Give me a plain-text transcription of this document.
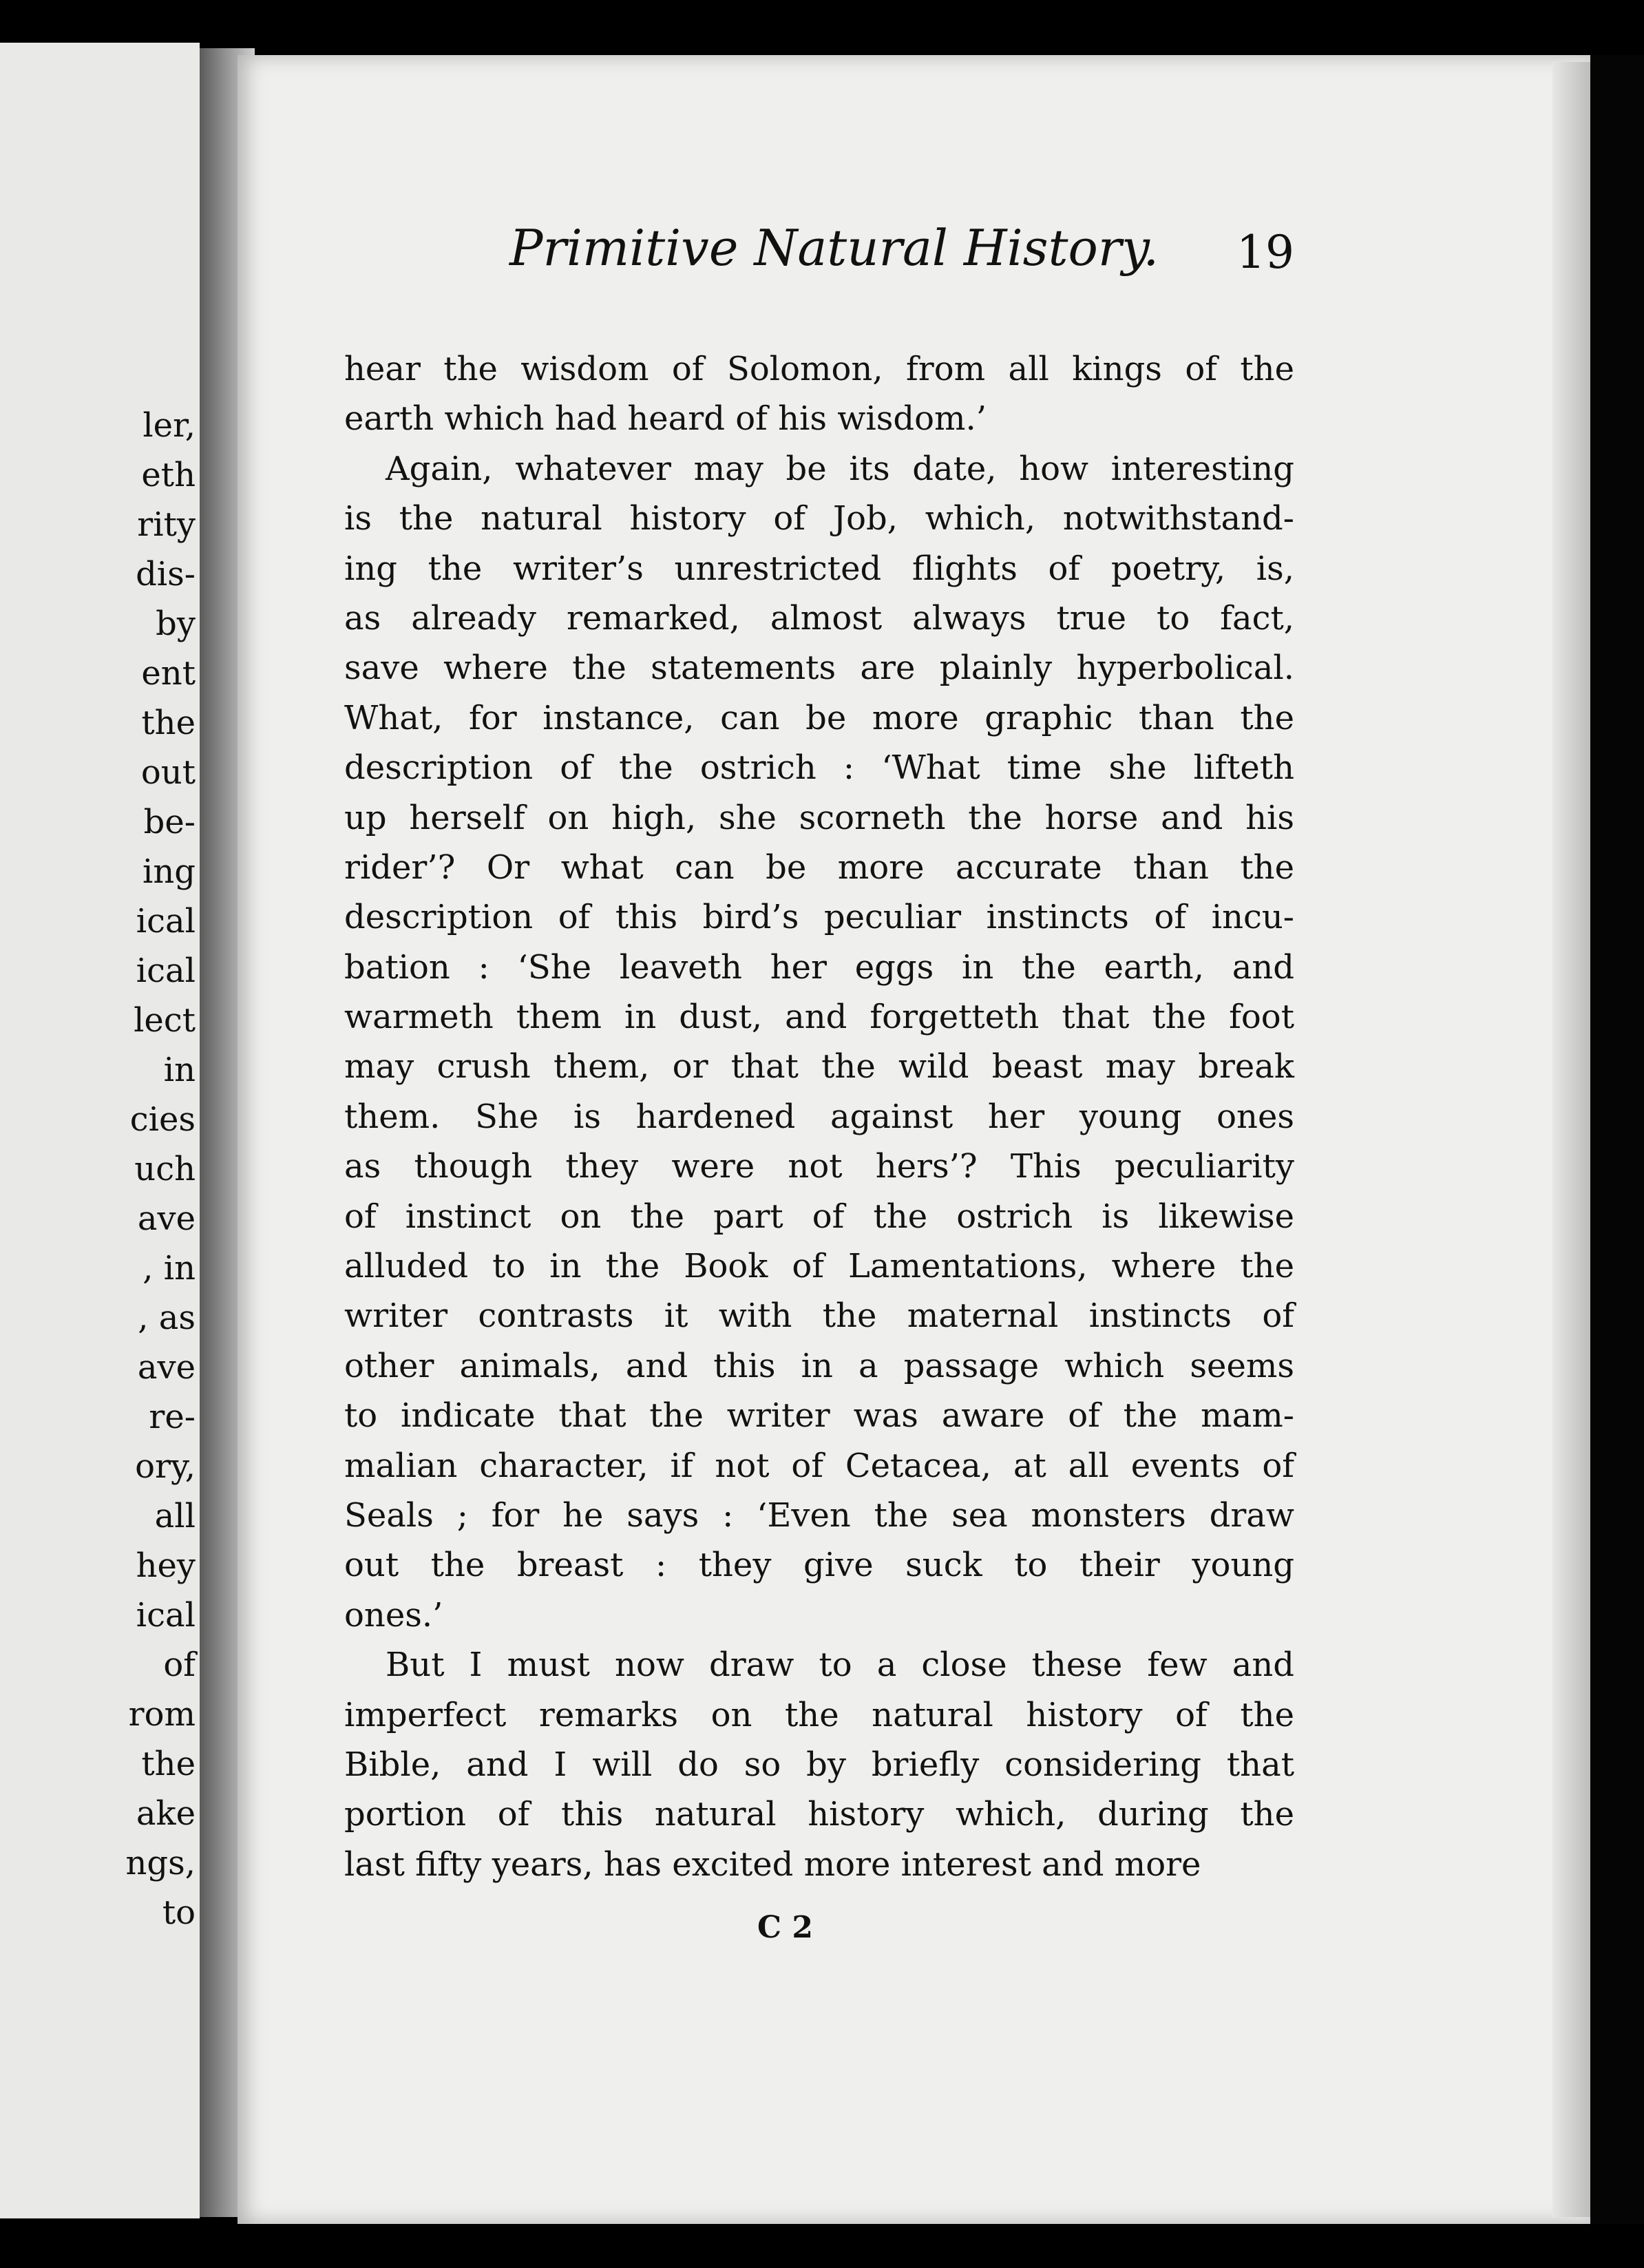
ler,
eth
rity
dis-
by
ent
the
out
be-
ing
ical
ical
lect
in
cies
uch
ave
, in
, as
ave
re-
ory,
all
hey
ical
of
rom
the
ake
ngs,
to
Primitive Natural History. 19
hear the wisdom of Solomon, from all kings of the
earth which had heard of his wisdom.’
Again, whatever may be its date, how interesting
is the natural history of Job, which, notwithstand-
ing the writer’s unrestricted flights of poetry, is,
as already remarked, almost always true to fact,
save where the statements are plainly hyperbolical.
What, for instance, can be more graphic than the
description of the ostrich : ‘What time she lifteth
up herself on high, she scorneth the horse and his
rider’? Or what can be more accurate than the
description of this bird’s peculiar instincts of incu-
bation : ‘She leaveth her eggs in the earth, and
warmeth them in dust, and forgetteth that the foot
may crush them, or that the wild beast may break
them. She is hardened against her young ones
as though they were not hers’? This peculiarity
of instinct on the part of the ostrich is likewise
alluded to in the Book of Lamentations, where the
writer contrasts it with the maternal instincts of
other animals, and this in a passage which seems
to indicate that the writer was aware of the mam-
malian character, if not of Cetacea, at all events of
Seals ; for he says : ‘Even the sea monsters draw
out the breast : they give suck to their young
ones.’
But I must now draw to a close these few and
imperfect remarks on the natural history of the
Bible, and I will do so by briefly considering that
portion of this natural history which, during the
last fifty years, has excited more interest and more
C 2
